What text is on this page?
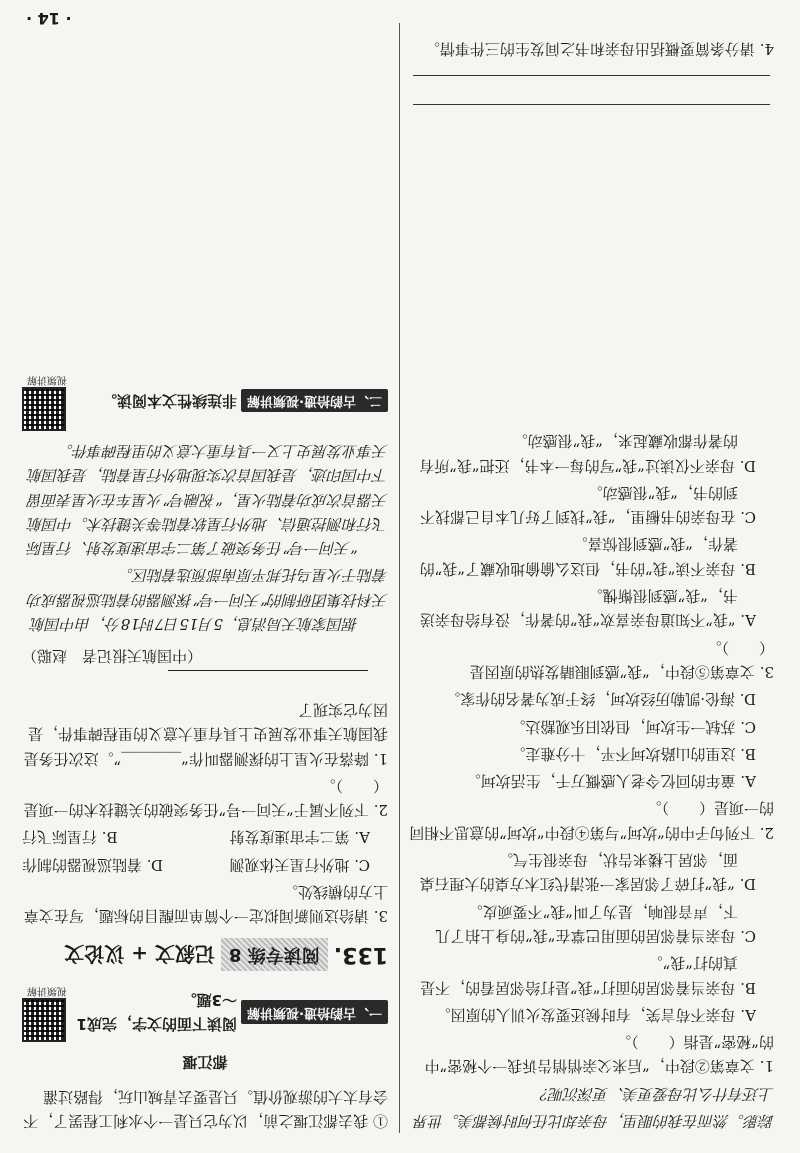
· 14 ·

踪影。然而在我的眼里，母亲却比任何时候都美。世界

上还有什么比母爱更美、更深沉呢？

1. 文章第②段中，“后来父亲悄悄告诉我一个秘密”中的“秘密”是指（　　）。

A. 母亲不苟言笑，有时候还要发火训人的原因。

B. 母亲当着邻居的面打“我”是打给邻居看的，不是真的打“我”。

C. 母亲当着邻居的面用巴掌在“我”的身上拍了几下，声音很响，是为了叫“我”不要顽皮。

D. “我”打碎了邻居家一张清代红木方桌的大理石桌面，邻居上楼来告状，母亲很生气。

2. 下列句子中的“坎坷”与第④段中“坎坷”的意思不相同的一项是（　　）。

A. 童年的回忆令老人感慨万千，生活坎坷。

B. 这里的山路坎坷不平，十分难走。

C. 苏轼一生坎坷，但依旧乐观豁达。

D. 海伦·凯勒历经坎坷，终于成为著名的作家。

3. 文章第⑤段中，“我”感到眼睛发热的原因是（　　）。

A. “我”不知道母亲喜欢“我”的著作，没有给母亲送书，“我”感到很惭愧。

B. 母亲不读“我”的书，但这么偷偷地收藏了“我”的著作，“我”感到很惊喜。

C. 在母亲的书橱里，“我”找到了好几本自己都找不到的书，“我”很感动。

D. 母亲不仅读过“我”写的每一本书，还把“我”所有的著作都收藏起来，“我”很感动。

4. 请分条简要概括出母亲和书之间发生的三件事情。

① 我去都江堰之前，以为它只是一个水利工程罢了，不会有太大的游观价值。只是要去青城山玩，得路过灌

都江堰
一、古韵拾遗·视频讲解
阅读下面的文字，完成1～3题。
视频讲解
133.
阅读专练 8
记叙文 + 议论文

3. 请给这则新闻拟定一个简单而醒目的标题，写在文章上方的横线处。

C. 地外行星天体观测
D. 着陆巡视器的制作

A. 第二宇宙速度发射
B. 行星际飞行

2. 下列不属于“天问一号”任务突破的关键技术的一项是（　　）。

1. 降落在火星上的探测器叫作“＿＿＿＿”。这次任务是我国航天事业发展史上具有重大意义的里程碑事件，是因为它实现了

（中国航天报记者　赵聪）

据国家航天局消息，5月15日7时18分，由中国航天科技集团研制的“天问一号”探测器的着陆巡视器成功着陆于火星乌托邦平原南部预选着陆区。

“天问一号”任务突破了第二宇宙速度发射、行星际飞行和测控通信、地外行星软着陆等关键技术。中国航天器首次成功着陆火星，“祝融号”火星车在火星表面留下中国印迹，是我国首次实现地外行星着陆，是我国航天事业发展史上又一具有重大意义的里程碑事件。

二、古韵拾遗·视频讲解
非连续性文本阅读。
视频讲解
